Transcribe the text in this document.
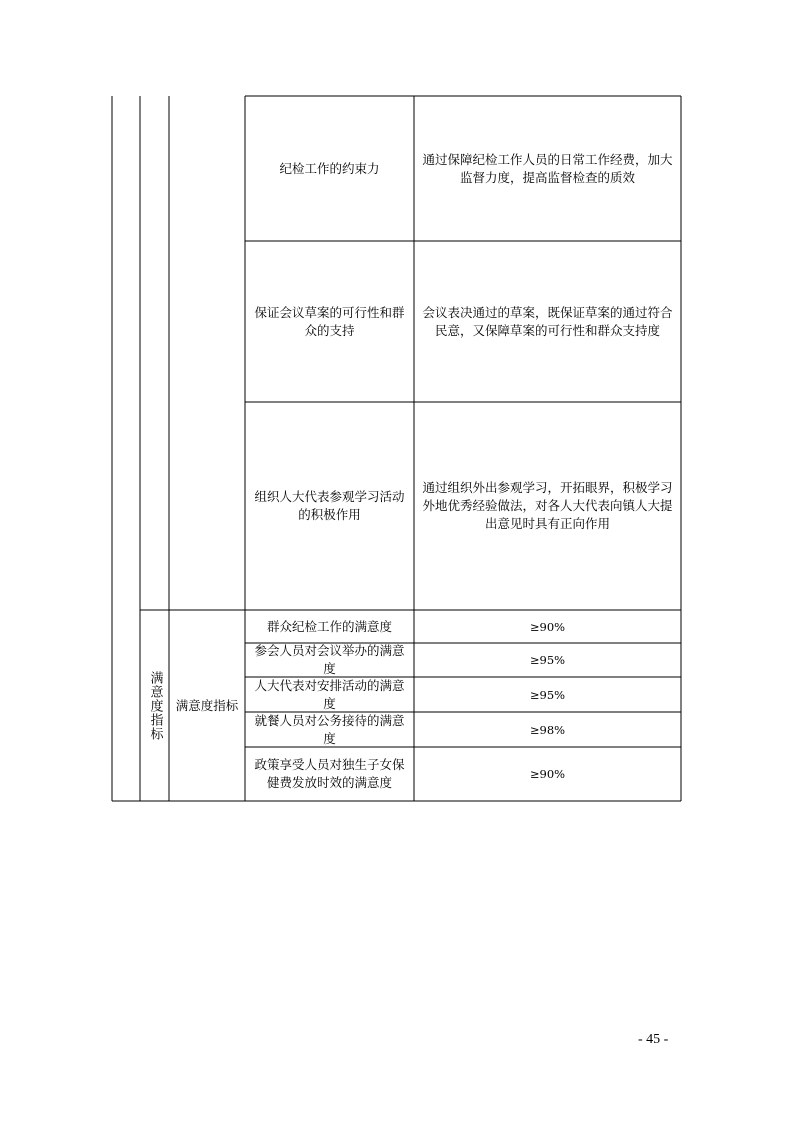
纪检工作的约束力
通过保障纪检工作人员的日常工作经费，加大监督力度，提高监督检查的质效
保证会议草案的可行性和群众的支持
会议表决通过的草案，既保证草案的通过符合民意，又保障草案的可行性和群众支持度
组织人大代表参观学习活动的积极作用
通过组织外出参观学习，开拓眼界，积极学习外地优秀经验做法，对各人大代表向镇人大提出意见时具有正向作用
满意度指标 满意度指标
群众纪检工作的满意度	≥90%
参会人员对会议举办的满意度
≥95%
人大代表对安排活动的满意度
≥95%
就餐人员对公务接待的满意度
≥98%
政策享受人员对独生子女保健费发放时效的满意度
≥90%
- 45 -
